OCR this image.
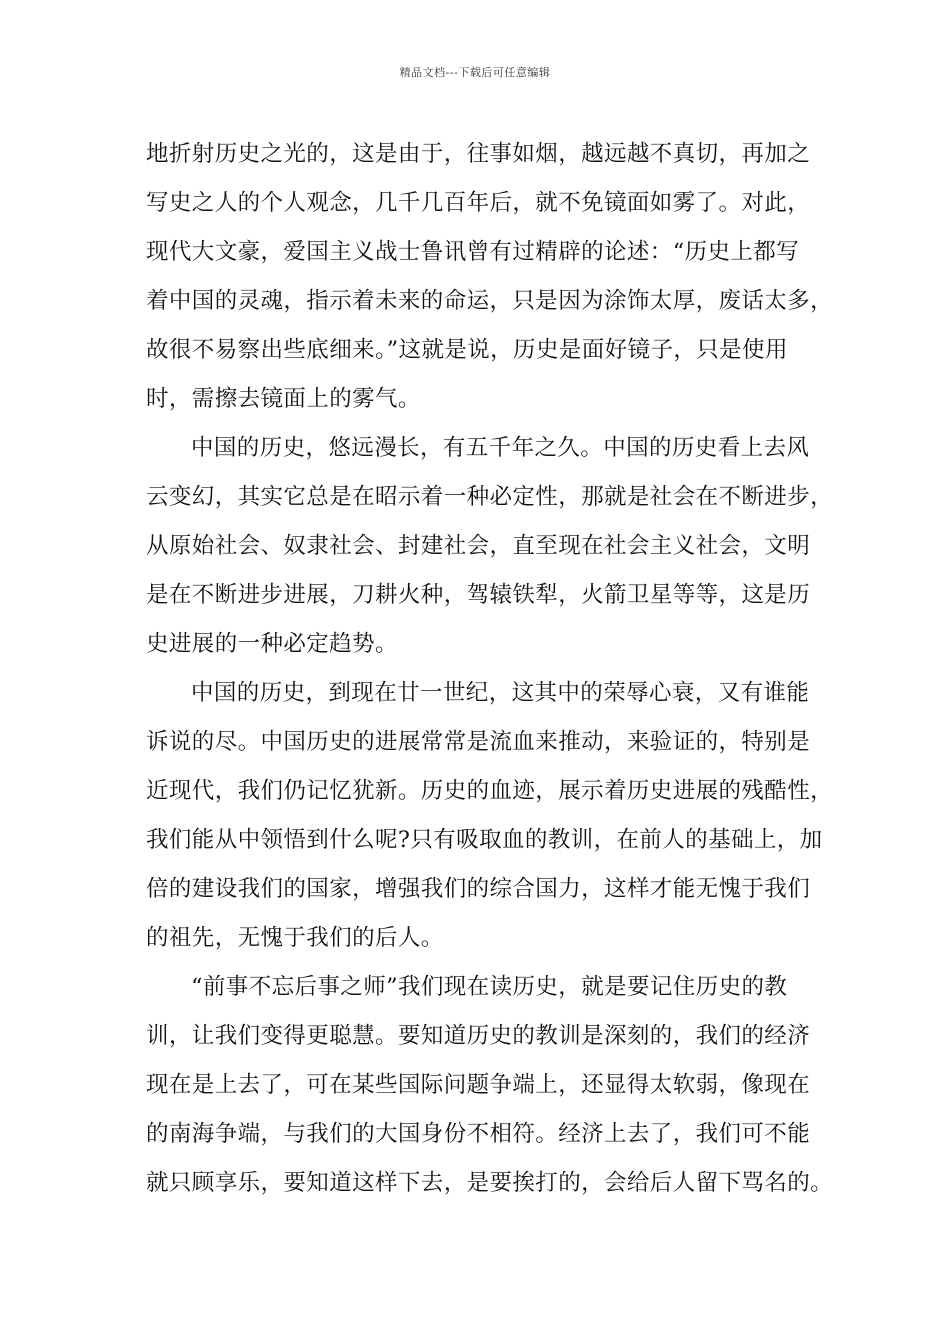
精品文档---下载后可任意编辑
地折射历史之光的，这是由于，往事如烟，越远越不真切，再加之
写史之人的个人观念，几千几百年后，就不免镜面如雾了。对此，
现代大文豪，爱国主义战士鲁讯曾有过精辟的论述：“历史上都写
着中国的灵魂，指示着未来的命运，只是因为涂饰太厚，废话太多，
故很不易察出些底细来。”这就是说，历史是面好镜子，只是使用
时，需擦去镜面上的雾气。
中国的历史，悠远漫长，有五千年之久。中国的历史看上去风
云变幻，其实它总是在昭示着一种必定性，那就是社会在不断进步，
从原始社会、奴隶社会、封建社会，直至现在社会主义社会，文明
是在不断进步进展，刀耕火种，驾辕铁犁，火箭卫星等等，这是历
史进展的一种必定趋势。
中国的历史，到现在廿一世纪，这其中的荣辱心衰，又有谁能
诉说的尽。中国历史的进展常常是流血来推动，来验证的，特别是
近现代，我们仍记忆犹新。历史的血迹，展示着历史进展的残酷性，
我们能从中领悟到什么呢?只有吸取血的教训，在前人的基础上，加
倍的建设我们的国家，增强我们的综合国力，这样才能无愧于我们
的祖先，无愧于我们的后人。
“前事不忘后事之师”我们现在读历史，就是要记住历史的教
训，让我们变得更聪慧。要知道历史的教训是深刻的，我们的经济
现在是上去了，可在某些国际问题争端上，还显得太软弱，像现在
的南海争端，与我们的大国身份不相符。经济上去了，我们可不能
就只顾享乐，要知道这样下去，是要挨打的，会给后人留下骂名的。
